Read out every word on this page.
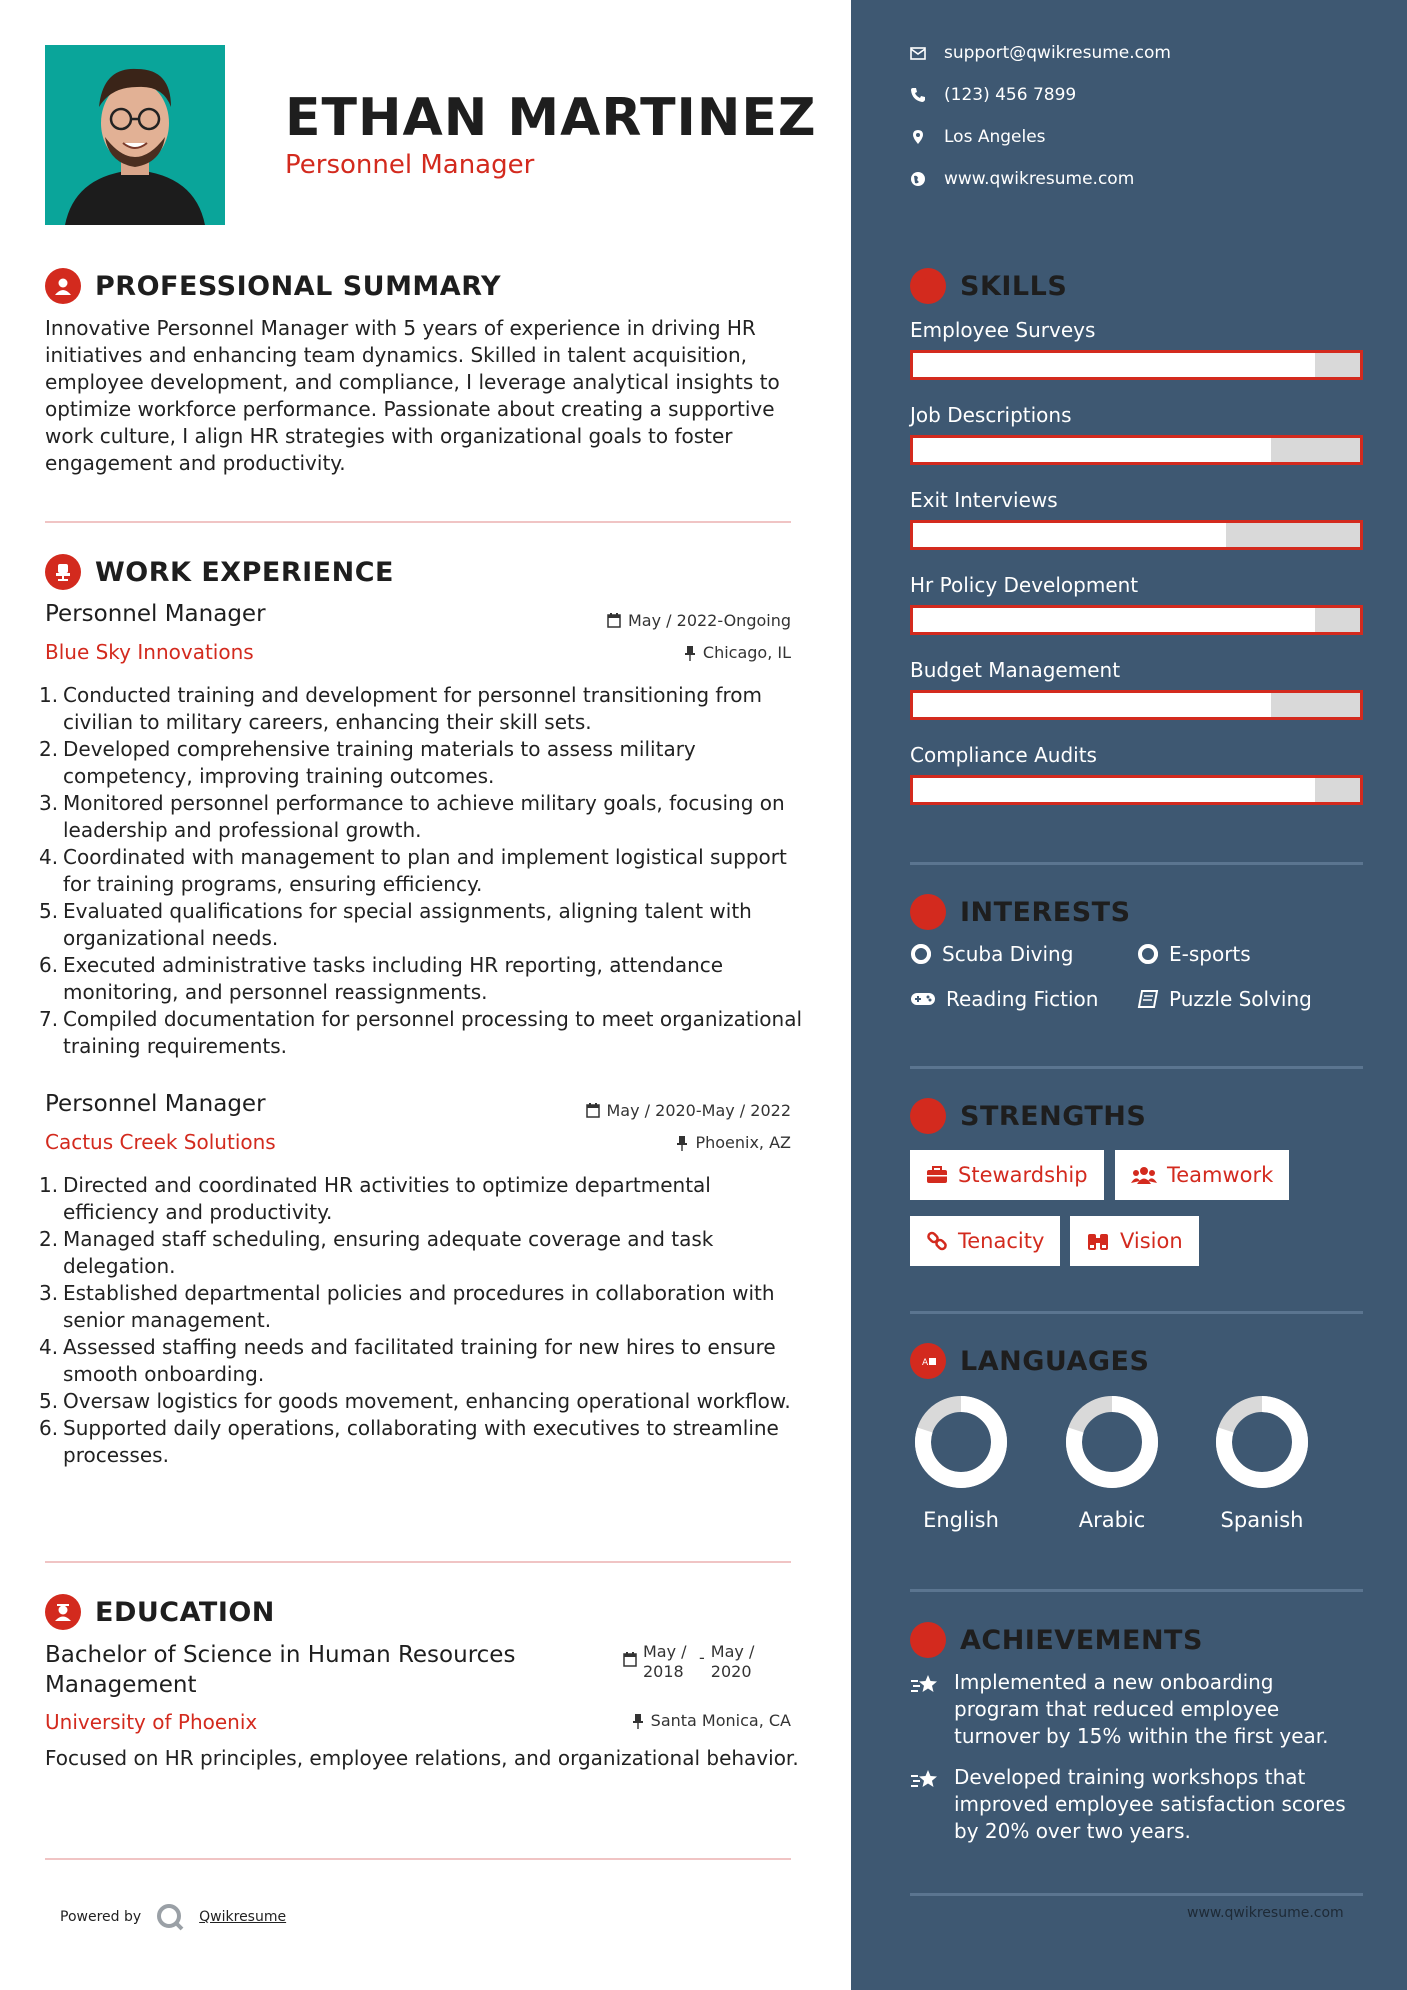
ETHAN MARTINEZ
Personnel Manager
PROFESSIONAL SUMMARY
Innovative Personnel Manager with 5 years of experience in driving HR initiatives and enhancing team dynamics. Skilled in talent acquisition, employee development, and compliance, I leverage analytical insights to optimize workforce performance. Passionate about creating a supportive work culture, I align HR strategies with organizational goals to foster engagement and productivity.
WORK EXPERIENCE
Personnel Manager	May / 2022-Ongoing
Blue Sky Innovations	Chicago, IL
1. Conducted training and development for personnel transitioning from civilian to military careers, enhancing their skill sets.
2. Developed comprehensive training materials to assess military competency, improving training outcomes.
3. Monitored personnel performance to achieve military goals, focusing on leadership and professional growth.
4. Coordinated with management to plan and implement logistical support for training programs, ensuring efficiency.
5. Evaluated qualifications for special assignments, aligning talent with organizational needs.
6. Executed administrative tasks including HR reporting, attendance monitoring, and personnel reassignments.
7. Compiled documentation for personnel processing to meet organizational training requirements.
Personnel Manager	May / 2020-May / 2022
Cactus Creek Solutions	Phoenix, AZ
1. Directed and coordinated HR activities to optimize departmental efficiency and productivity.
2. Managed staff scheduling, ensuring adequate coverage and task delegation.
3. Established departmental policies and procedures in collaboration with senior management.
4. Assessed staffing needs and facilitated training for new hires to ensure smooth onboarding.
5. Oversaw logistics for goods movement, enhancing operational workflow.
6. Supported daily operations, collaborating with executives to streamline processes.
EDUCATION
Bachelor of Science in Human Resources Management
May / 2018
- May / 2020
University of Phoenix	Santa Monica, CA
Focused on HR principles, employee relations, and organizational behavior.
Powered by	Qwikresume
support@qwikresume.com
(123) 456 7899
Los Angeles
www.qwikresume.com
SKILLS
Employee Surveys
Job Descriptions
Exit Interviews
Hr Policy Development
Budget Management
Compliance Audits
INTERESTS
Scuba Diving	E-sports
Reading Fiction	Puzzle Solving
STRENGTHS
Stewardship	Teamwork
Tenacity	Vision
A LANGUAGES
English	Arabic	Spanish
ACHIEVEMENTS
Implemented a new onboarding program that reduced employee turnover by 15% within the first year.
Developed training workshops that improved employee satisfaction scores by 20% over two years.
www.qwikresume.com
